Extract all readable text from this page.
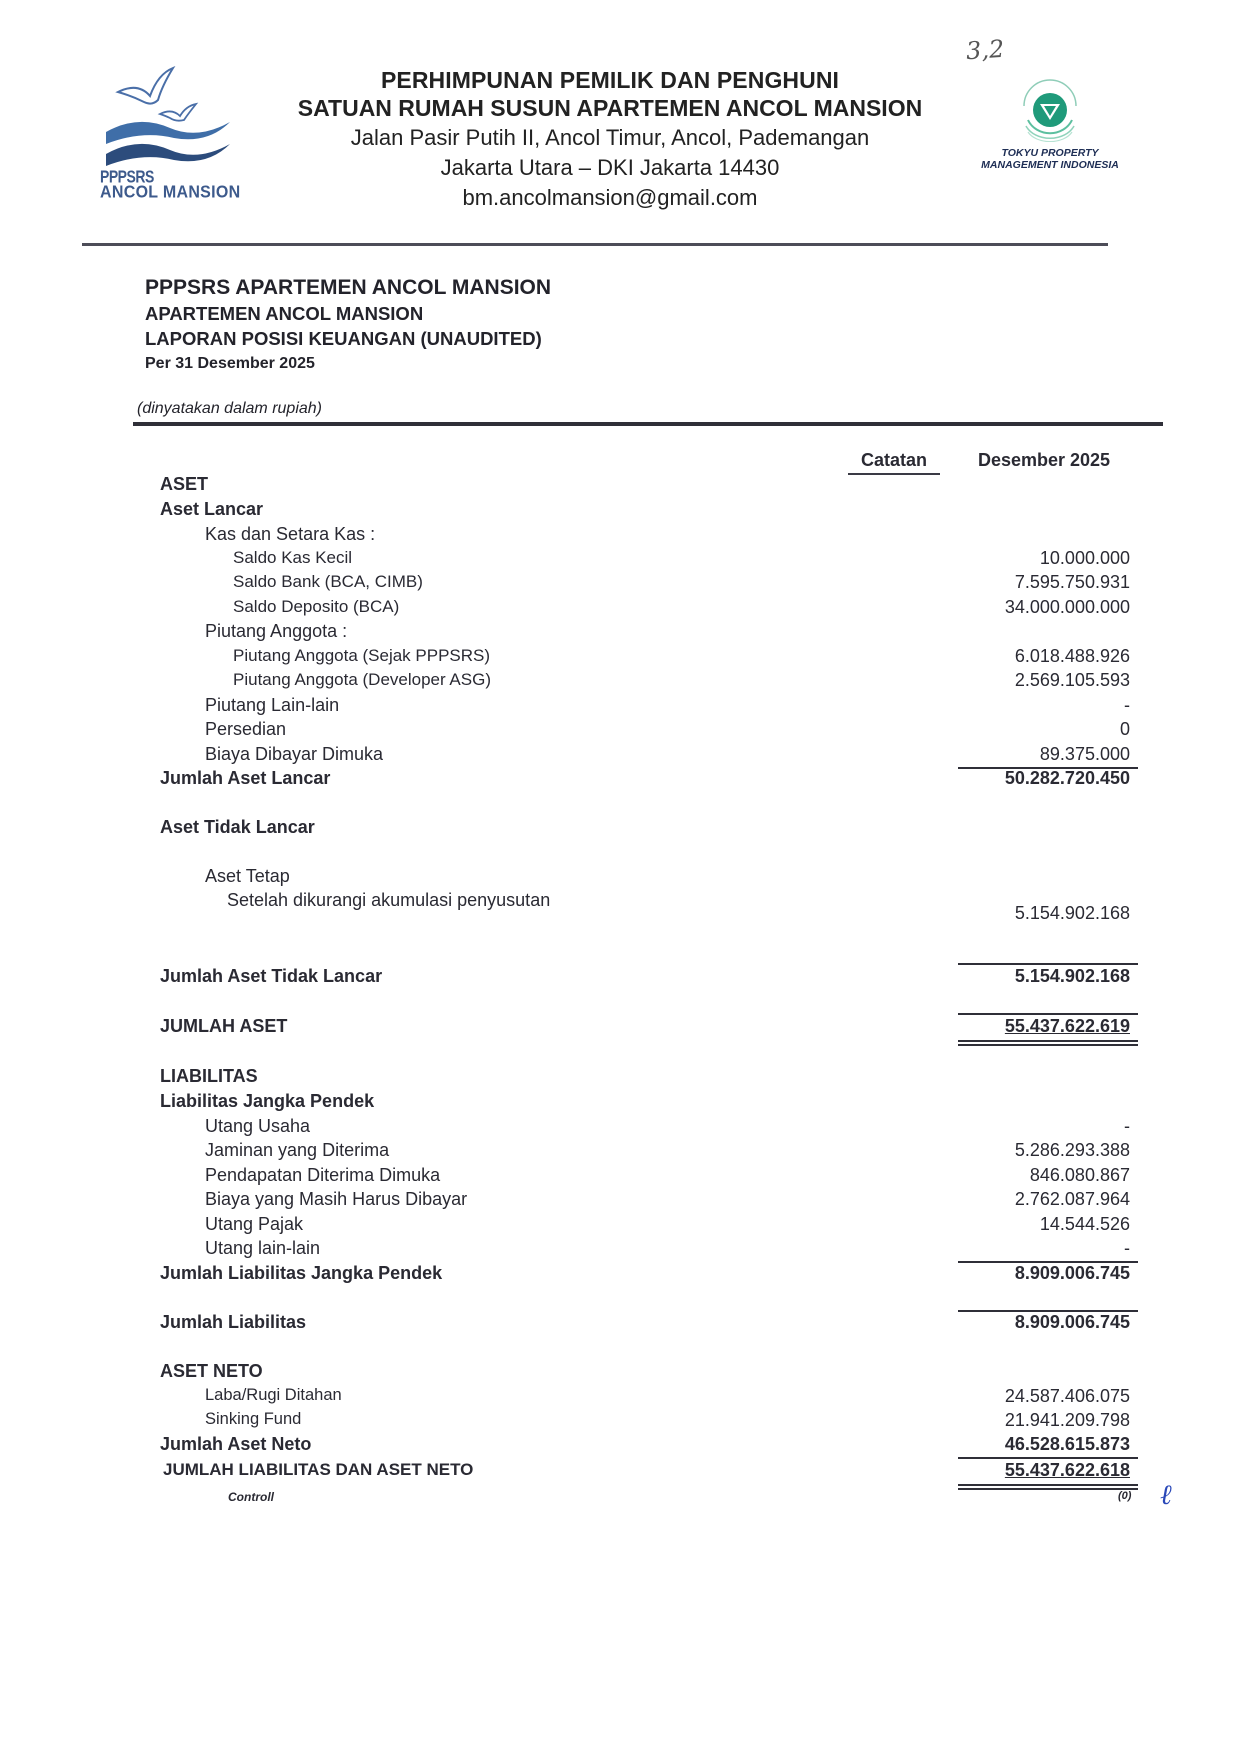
PPPSRS
ANCOL MANSION
PERHIMPUNAN PEMILIK DAN PENGHUNI
SATUAN RUMAH SUSUN APARTEMEN ANCOL MANSION
Jalan Pasir Putih II, Ancol Timur, Ancol, Pademangan
Jakarta Utara – DKI Jakarta 14430
bm.ancolmansion@gmail.com
3,2
TOKYU PROPERTY
MANAGEMENT INDONESIA
PPPSRS APARTEMEN ANCOL MANSION
APARTEMEN ANCOL MANSION
LAPORAN POSISI KEUANGAN (UNAUDITED)
Per 31 Desember 2025
(dinyatakan dalam rupiah)
Catatan	Desember 2025
ASET
Aset Lancar
Kas dan Setara Kas :
Saldo Kas Kecil	10.000.000
Saldo Bank (BCA, CIMB)	7.595.750.931
Saldo Deposito (BCA)	34.000.000.000
Piutang Anggota :
Piutang Anggota (Sejak PPPSRS)	6.018.488.926
Piutang Anggota (Developer ASG)	2.569.105.593
Piutang Lain-lain	-
Persedian	0
Biaya Dibayar Dimuka	89.375.000
Jumlah Aset Lancar	50.282.720.450
Aset Tidak Lancar
Aset Tetap
Setelah dikurangi akumulasi penyusutan
5.154.902.168
Jumlah Aset Tidak Lancar	5.154.902.168
JUMLAH ASET	55.437.622.619
LIABILITAS
Liabilitas Jangka Pendek
Utang Usaha	-
Jaminan yang Diterima	5.286.293.388
Pendapatan Diterima Dimuka	846.080.867
Biaya yang Masih Harus Dibayar	2.762.087.964
Utang Pajak	14.544.526
Utang lain-lain	-
Jumlah Liabilitas Jangka Pendek	8.909.006.745
Jumlah Liabilitas	8.909.006.745
ASET NETO
Laba/Rugi Ditahan	24.587.406.075
Sinking Fund	21.941.209.798
Jumlah Aset Neto	46.528.615.873
JUMLAH LIABILITAS DAN ASET NETO	55.437.622.618
Controll	(0) ℓ
